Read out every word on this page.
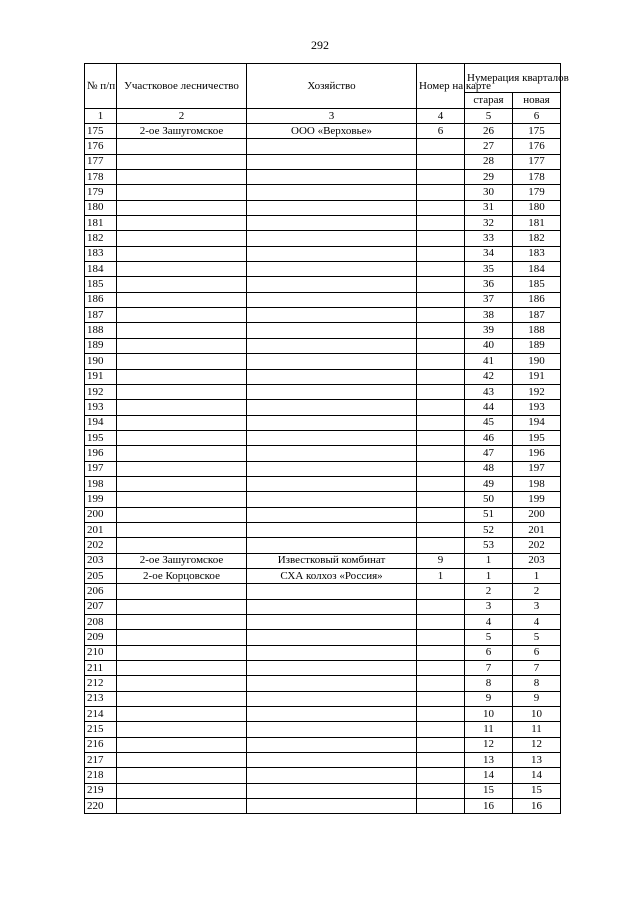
292
№ п/п	Участковое лесничество	Хозяйство	Номер на карте	Нумерация кварталов	
				старая	новая
1	2	3	4	5	6
175	2-ое Зашугомское	ООО «Верховье»	6	26	175
176				27	176
177				28	177
178				29	178
179				30	179
180				31	180
181				32	181
182				33	182
183				34	183
184				35	184
185				36	185
186				37	186
187				38	187
188				39	188
189				40	189
190				41	190
191				42	191
192				43	192
193				44	193
194				45	194
195				46	195
196				47	196
197				48	197
198				49	198
199				50	199
200				51	200
201				52	201
202				53	202
203	2-ое Зашугомское	Известковый комбинат	9	1	203
205	2-ое Корцовское	СХА колхоз «Россия»	1	1	1
206				2	2
207				3	3
208				4	4
209				5	5
210				6	6
211				7	7
212				8	8
213				9	9
214				10	10
215				11	11
216				12	12
217				13	13
218				14	14
219				15	15
220				16	16
